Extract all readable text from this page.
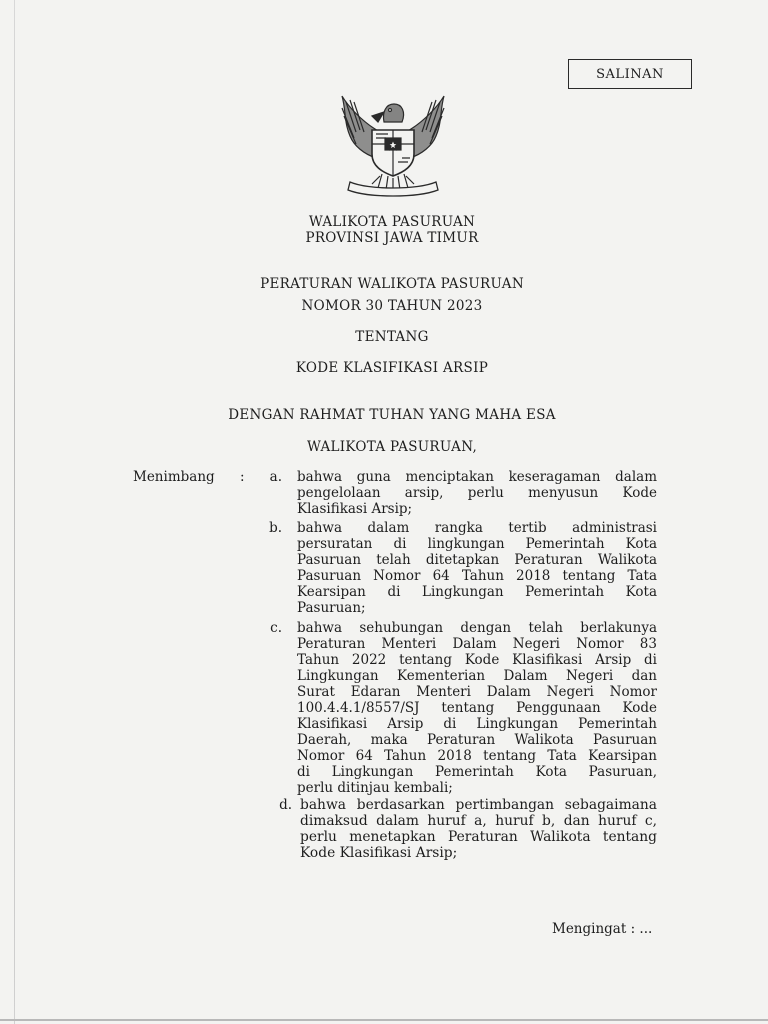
SALINAN
WALIKOTA PASURUAN
PROVINSI JAWA TIMUR
PERATURAN WALIKOTA PASURUAN
NOMOR 30 TAHUN 2023
TENTANG
KODE KLASIFIKASI ARSIP
DENGAN RAHMAT TUHAN YANG MAHA ESA
WALIKOTA PASURUAN,
Menimbang :	a. bahwa guna menciptakan keseragaman dalam
pengelolaan arsip, perlu menyusun Kode
Klasifikasi Arsip;
b. bahwa dalam rangka tertib administrasi
persuratan di lingkungan Pemerintah Kota
Pasuruan telah ditetapkan Peraturan Walikota
Pasuruan Nomor 64 Tahun 2018 tentang Tata
Kearsipan di Lingkungan Pemerintah Kota
Pasuruan;
c. bahwa sehubungan dengan telah berlakunya
Peraturan Menteri Dalam Negeri Nomor 83
Tahun 2022 tentang Kode Klasifikasi Arsip di
Lingkungan Kementerian Dalam Negeri dan
Surat Edaran Menteri Dalam Negeri Nomor
100.4.4.1/8557/SJ tentang Penggunaan Kode
Klasifikasi Arsip di Lingkungan Pemerintah
Daerah, maka Peraturan Walikota Pasuruan
Nomor 64 Tahun 2018 tentang Tata Kearsipan
di Lingkungan Pemerintah Kota Pasuruan,
perlu ditinjau kembali;
d. bahwa berdasarkan pertimbangan sebagaimana
dimaksud dalam huruf a, huruf b, dan huruf c,
perlu menetapkan Peraturan Walikota tentang
Kode Klasifikasi Arsip;
Mengingat : ...
